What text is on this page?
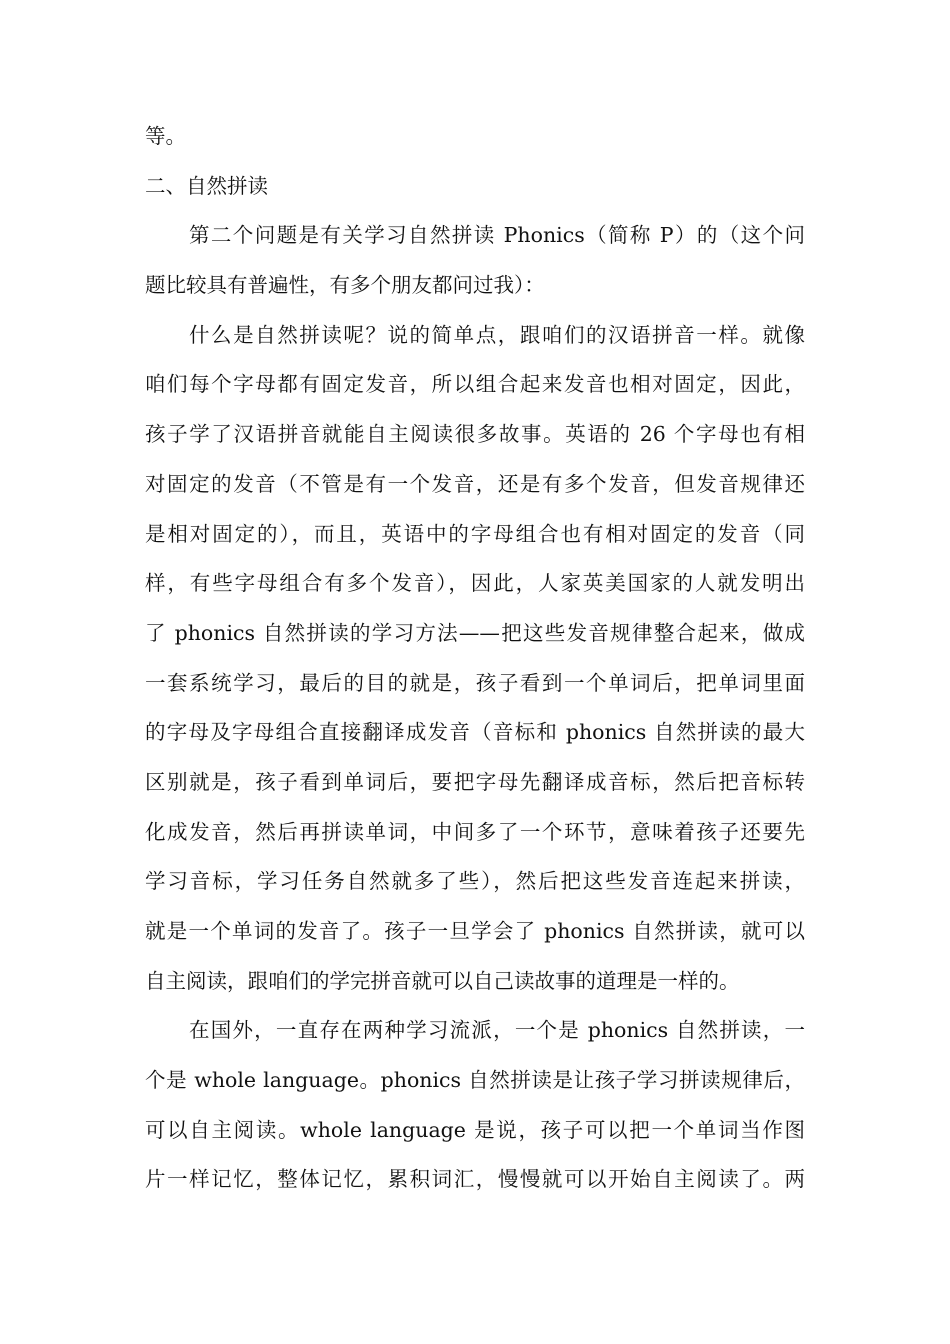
等。
二、自然拼读
第二个问题是有关学习自然拼读 Phonics（简称 P）的（这个问
题比较具有普遍性，有多个朋友都问过我）：
什么是自然拼读呢？说的简单点，跟咱们的汉语拼音一样。就像
咱们每个字母都有固定发音，所以组合起来发音也相对固定，因此，
孩子学了汉语拼音就能自主阅读很多故事。英语的 26 个字母也有相
对固定的发音（不管是有一个发音，还是有多个发音，但发音规律还
是相对固定的），而且，英语中的字母组合也有相对固定的发音（同
样，有些字母组合有多个发音），因此，人家英美国家的人就发明出
了 phonics 自然拼读的学习方法——把这些发音规律整合起来，做成
一套系统学习，最后的目的就是，孩子看到一个单词后，把单词里面
的字母及字母组合直接翻译成发音（音标和 phonics 自然拼读的最大
区别就是，孩子看到单词后，要把字母先翻译成音标，然后把音标转
化成发音，然后再拼读单词，中间多了一个环节，意味着孩子还要先
学习音标，学习任务自然就多了些），然后把这些发音连起来拼读，
就是一个单词的发音了。孩子一旦学会了 phonics 自然拼读，就可以
自主阅读，跟咱们的学完拼音就可以自己读故事的道理是一样的。
在国外，一直存在两种学习流派，一个是 phonics 自然拼读，一
个是 whole language。phonics 自然拼读是让孩子学习拼读规律后，
可以自主阅读。whole language 是说，孩子可以把一个单词当作图
片一样记忆，整体记忆，累积词汇，慢慢就可以开始自主阅读了。两
